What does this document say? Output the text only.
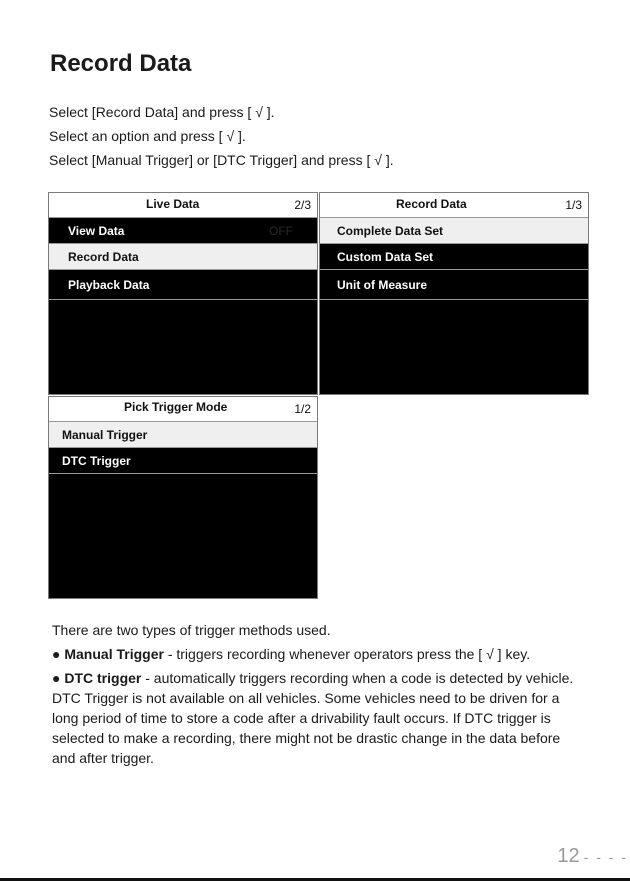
Record Data
Select [Record Data] and press [ √ ].
Select an option and press [ √ ].
Select [Manual Trigger] or [DTC Trigger] and press [ √ ].
Live Data	2/3
View Data	OFF
Record Data
Playback Data
Record Data	1/3
Complete Data Set
Custom Data Set
Unit of Measure
Pick Trigger Mode	1/2
Manual Trigger
DTC Trigger

There are two types of trigger methods used.

● Manual Trigger - triggers recording whenever operators press the [ √ ] key.

● DTC trigger - automatically triggers recording when a code is detected by vehicle. DTC Trigger is not available on all vehicles. Some vehicles need to be driven for a long period of time to store a code after a drivability fault occurs. If DTC trigger is selected to make a recording, there might not be drastic change in the data before and after trigger.

12 - - - -
